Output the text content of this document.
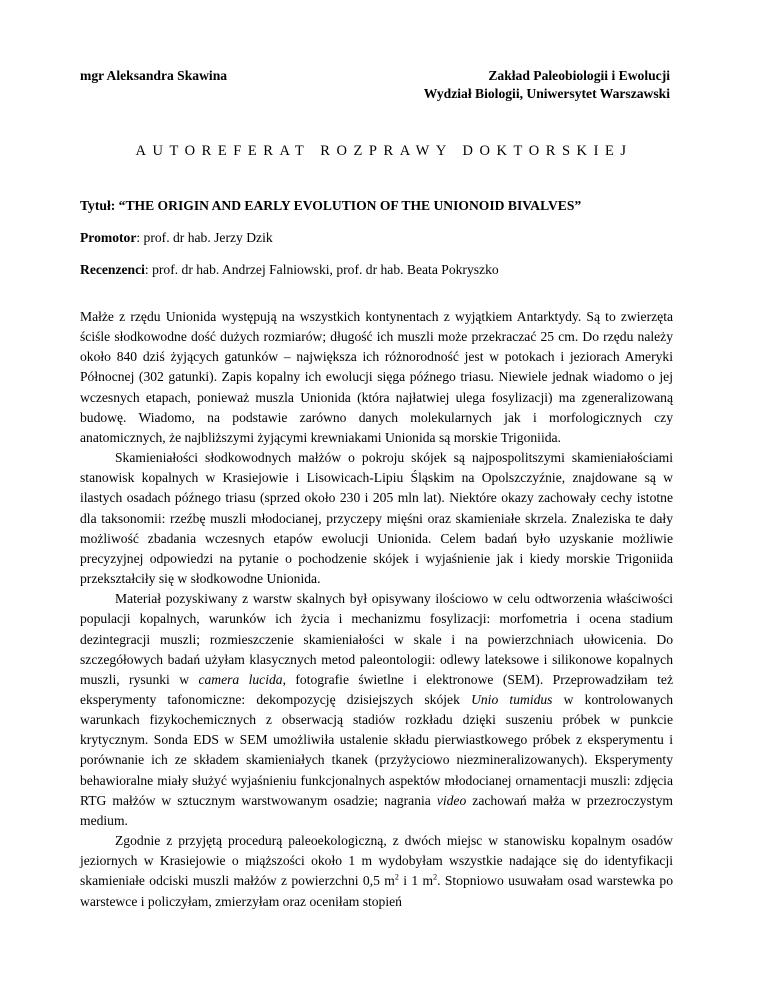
mgr Aleksandra Skawina	Zakład Paleobiologii i Ewolucji
Wydział Biologii, Uniwersytet Warszawski
AUTOREFERAT ROZPRAWY DOKTORSKIEJ
Tytuł: “THE ORIGIN AND EARLY EVOLUTION OF THE UNIONOID BIVALVES”
Promotor: prof. dr hab. Jerzy Dzik
Recenzenci: prof. dr hab. Andrzej Falniowski, prof. dr hab. Beata Pokryszko

Małże z rzędu Unionida występują na wszystkich kontynentach z wyjątkiem Antarktydy. Są to zwierzęta ściśle słodkowodne dość dużych rozmiarów; długość ich muszli może przekraczać 25 cm. Do rzędu należy około 840 dziś żyjących gatunków – największa ich różnorodność jest w potokach i jeziorach Ameryki Północnej (302 gatunki). Zapis kopalny ich ewolucji sięga późnego triasu. Niewiele jednak wiadomo o jej wczesnych etapach, ponieważ muszla Unionida (która najłatwiej ulega fosylizacji) ma zgeneralizowaną budowę. Wiadomo, na podstawie zarówno danych molekularnych jak i morfologicznych czy anatomicznych, że najbliższymi żyjącymi krewniakami Unionida są morskie Trigoniida.

Skamieniałości słodkowodnych małżów o pokroju skójek są najpospolitszymi skamieniałościami stanowisk kopalnych w Krasiejowie i Lisowicach-Lipiu Śląskim na Opolszczyźnie, znajdowane są w ilastych osadach późnego triasu (sprzed około 230 i 205 mln lat). Niektóre okazy zachowały cechy istotne dla taksonomii: rzeźbę muszli młodocianej, przyczepy mięśni oraz skamieniałe skrzela. Znaleziska te dały możliwość zbadania wczesnych etapów ewolucji Unionida. Celem badań było uzyskanie możliwie precyzyjnej odpowiedzi na pytanie o pochodzenie skójek i wyjaśnienie jak i kiedy morskie Trigoniida przekształciły się w słodkowodne Unionida.

Materiał pozyskiwany z warstw skalnych był opisywany ilościowo w celu odtworzenia właściwości populacji kopalnych, warunków ich życia i mechanizmu fosylizacji: morfometria i ocena stadium dezintegracji muszli; rozmieszczenie skamieniałości w skale i na powierzchniach ułowicenia. Do szczegółowych badań użyłam klasycznych metod paleontologii: odlewy lateksowe i silikonowe kopalnych muszli, rysunki w camera lucida, fotografie świetlne i elektronowe (SEM). Przeprowadziłam też eksperymenty tafonomiczne: dekompozycję dzisiejszych skójek Unio tumidus w kontrolowanych warunkach fizykochemicznych z obserwacją stadiów rozkładu dzięki suszeniu próbek w punkcie krytycznym. Sonda EDS w SEM umożliwiła ustalenie składu pierwiastkowego próbek z eksperymentu i porównanie ich ze składem skamieniałych tkanek (przyżyciowo niezmineralizowanych). Eksperymenty behawioralne miały służyć wyjaśnieniu funkcjonalnych aspektów młodocianej ornamentacji muszli: zdjęcia RTG małżów w sztucznym warstwowanym osadzie; nagrania video zachowań małża w przezroczystym medium.

Zgodnie z przyjętą procedurą paleoekologiczną, z dwóch miejsc w stanowisku kopalnym osadów jeziornych w Krasiejowie o miąższości około 1 m wydobyłam wszystkie nadające się do identyfikacji skamieniałe odciski muszli małżów z powierzchni 0,5 $m^2$ i 1 $m^2$. Stopniowo usuwałam osad warstewka po warstewce i policzyłam, zmierzyłam oraz oceniłam stopień
